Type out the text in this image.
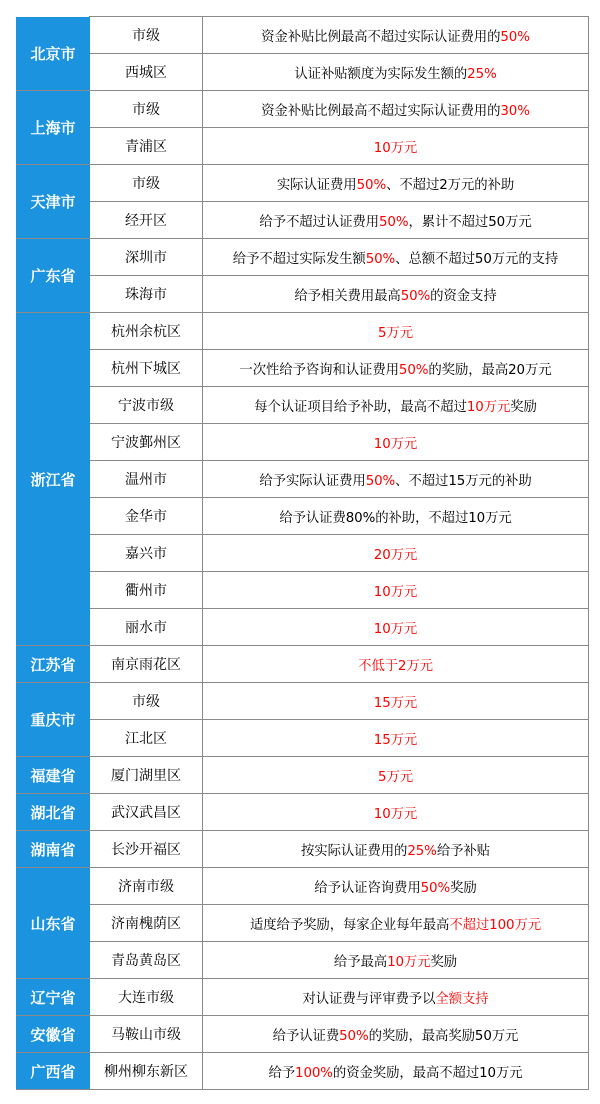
北京市	市级	资金补贴比例最高不超过实际认证费用的50%
	西城区	认证补贴额度为实际发生额的25%
上海市	市级	资金补贴比例最高不超过实际认证费用的30%
	青浦区	10万元
天津市	市级	实际认证费用50%、不超过2万元的补助
	经开区	给予不超过认证费用50%，累计不超过50万元
广东省	深圳市	给予不超过实际发生额50%、总额不超过50万元的支持
	珠海市	给予相关费用最高50%的资金支持
浙江省	杭州余杭区	5万元
	杭州下城区	一次性给予咨询和认证费用50%的奖励，最高20万元
	宁波市级	每个认证项目给予补助，最高不超过10万元奖励
	宁波鄞州区	10万元
	温州市	给予实际认证费用50%、不超过15万元的补助
	金华市	给予认证费80%的补助，不超过10万元
	嘉兴市	20万元
	衢州市	10万元
	丽水市	10万元
江苏省	南京雨花区	不低于2万元
重庆市	市级	15万元
	江北区	15万元
福建省	厦门湖里区	5万元
湖北省	武汉武昌区	10万元
湖南省	长沙开福区	按实际认证费用的25%给予补贴
山东省	济南市级	给予认证咨询费用50%奖励
	济南槐荫区	适度给予奖励，每家企业每年最高不超过100万元
	青岛黄岛区	给予最高10万元奖励
辽宁省	大连市级	对认证费与评审费予以全额支持
安徽省	马鞍山市级	给予认证费50%的奖励，最高奖励50万元
广西省	柳州柳东新区	给予100%的资金奖励，最高不超过10万元
